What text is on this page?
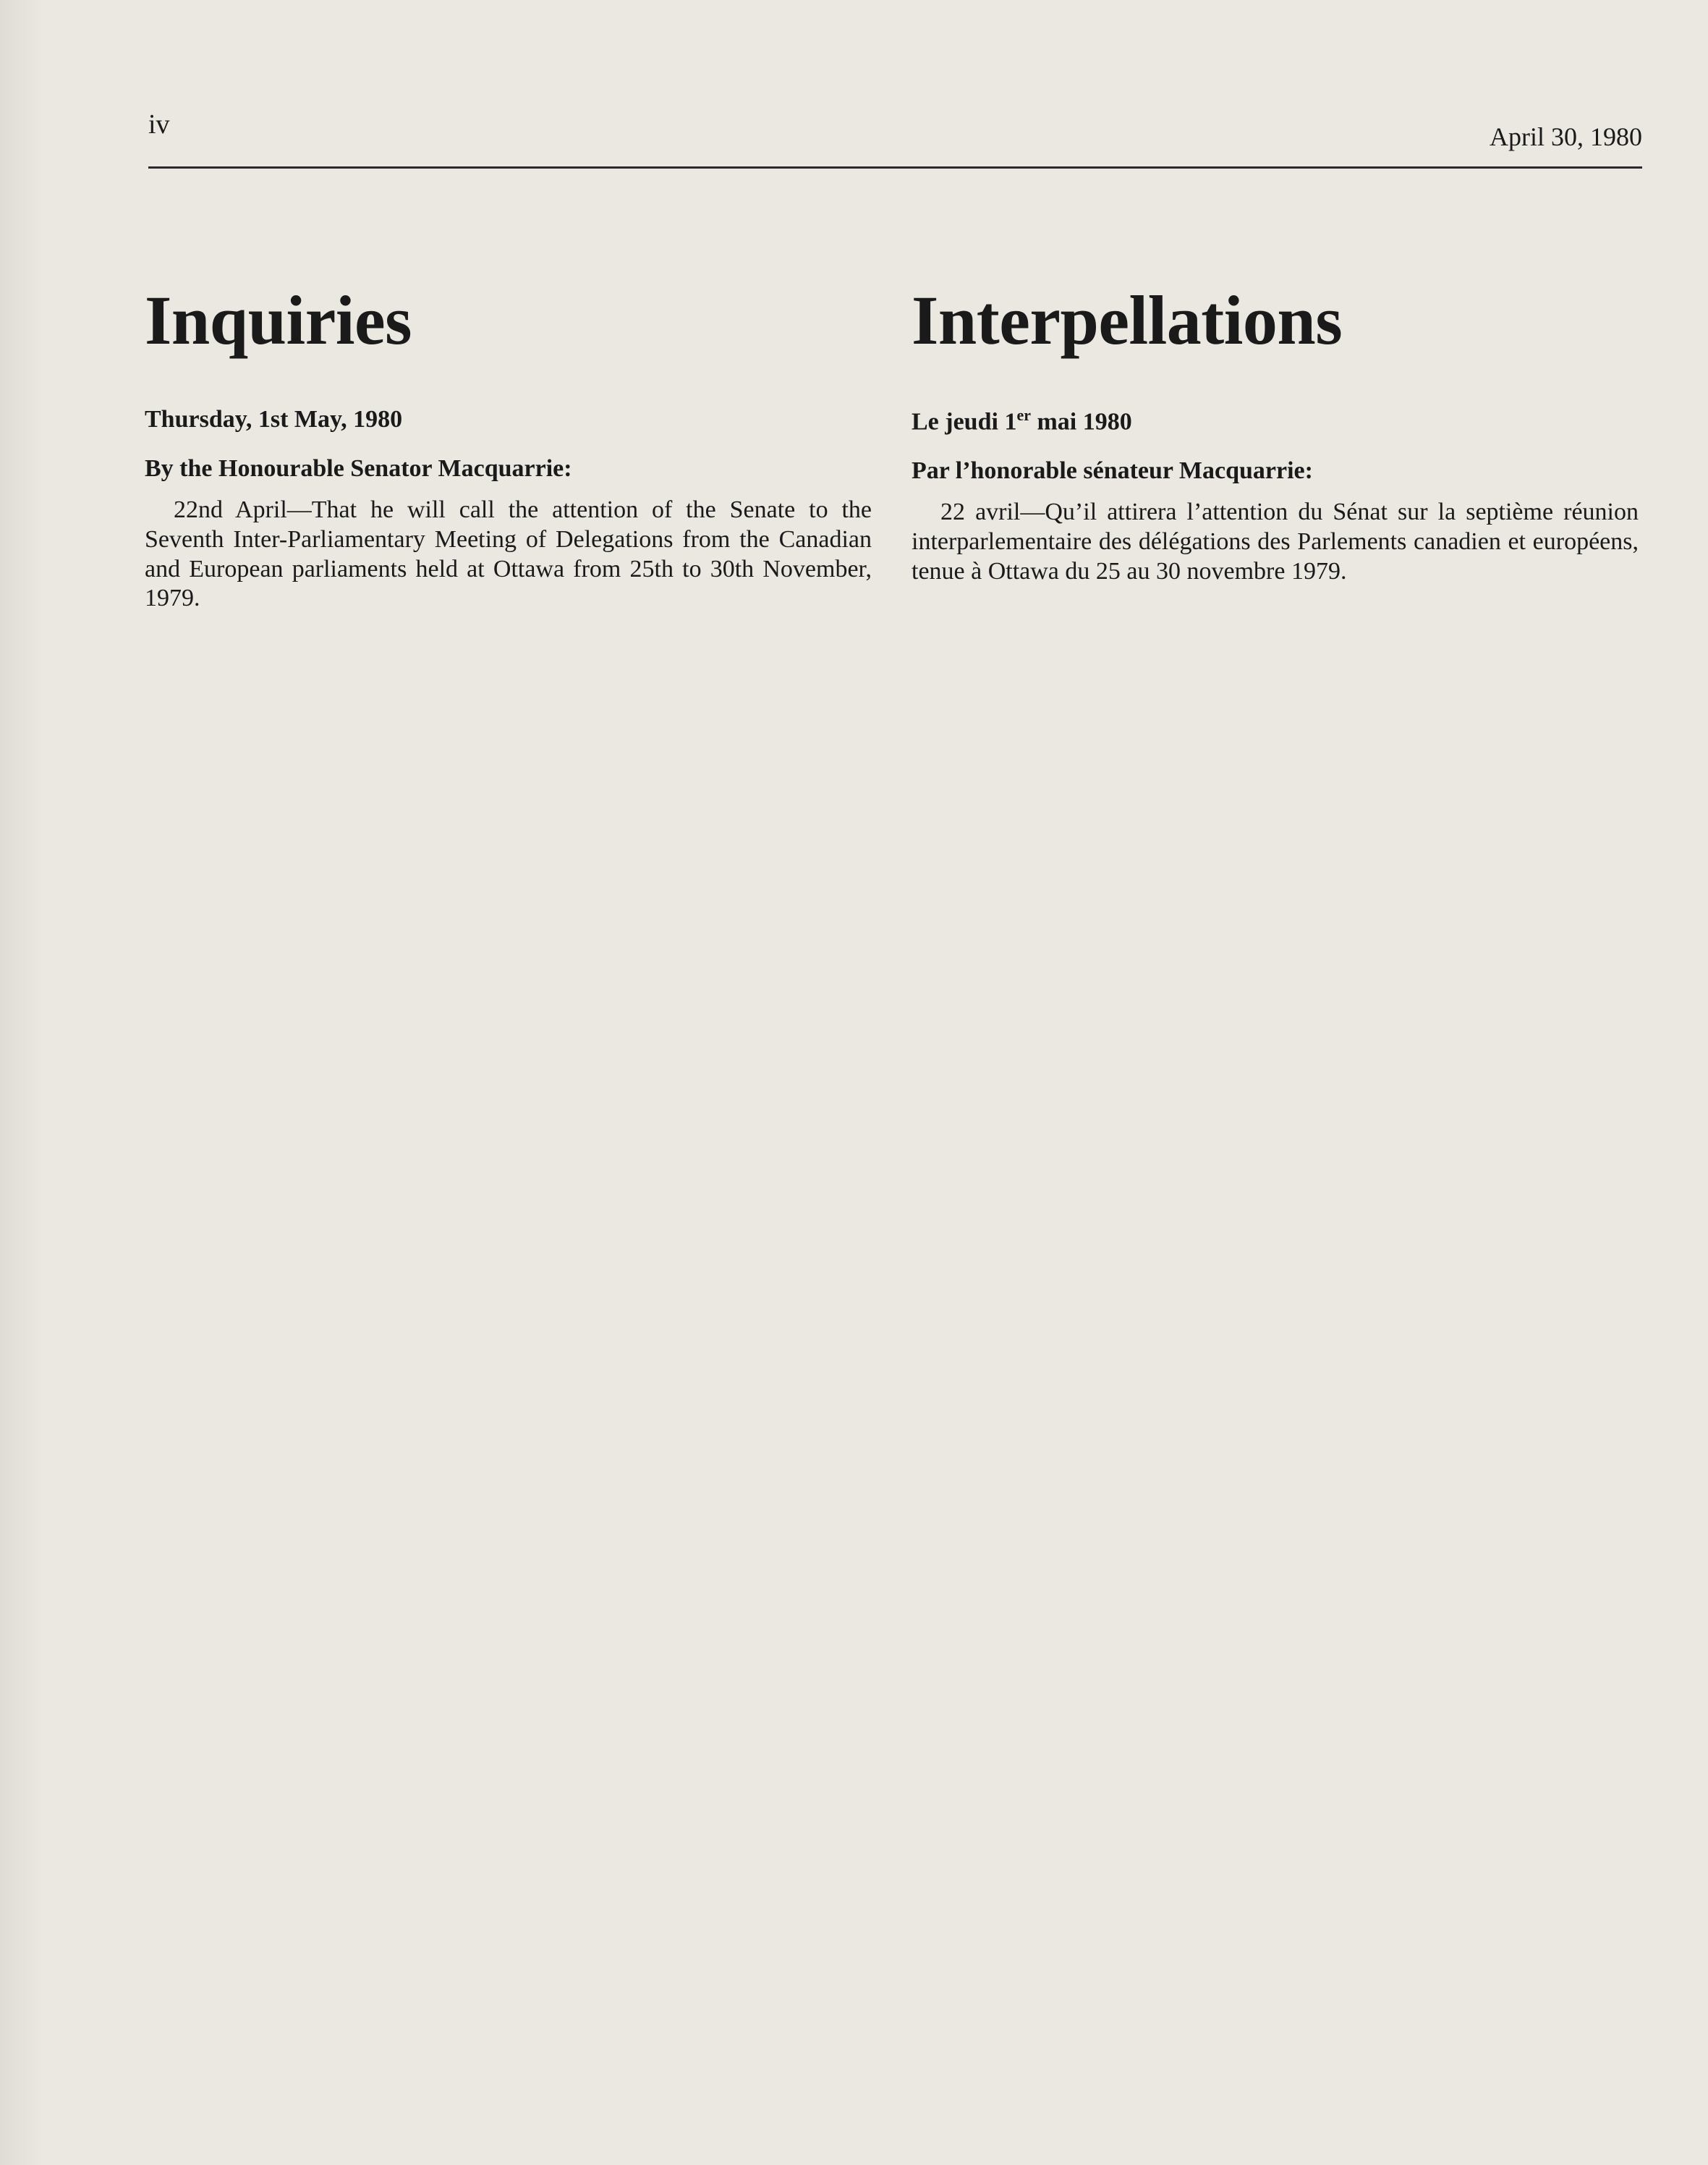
iv	April 30, 1980
Inquiries
Thursday, 1st May, 1980
By the Honourable Senator Macquarrie:
22nd April—That he will call the attention of the Senate to the Seventh Inter-Parliamentary Meeting of Delegations from the Canadian and European parliaments held at Ottawa from 25th to 30th November, 1979.
Interpellations
Le jeudi 1er mai 1980
Par l’honorable sénateur Macquarrie:
22 avril—Qu’il attirera l’attention du Sénat sur la septième réunion interparlementaire des délégations des Parlements canadien et européens, tenue à Ottawa du 25 au 30 novembre 1979.
